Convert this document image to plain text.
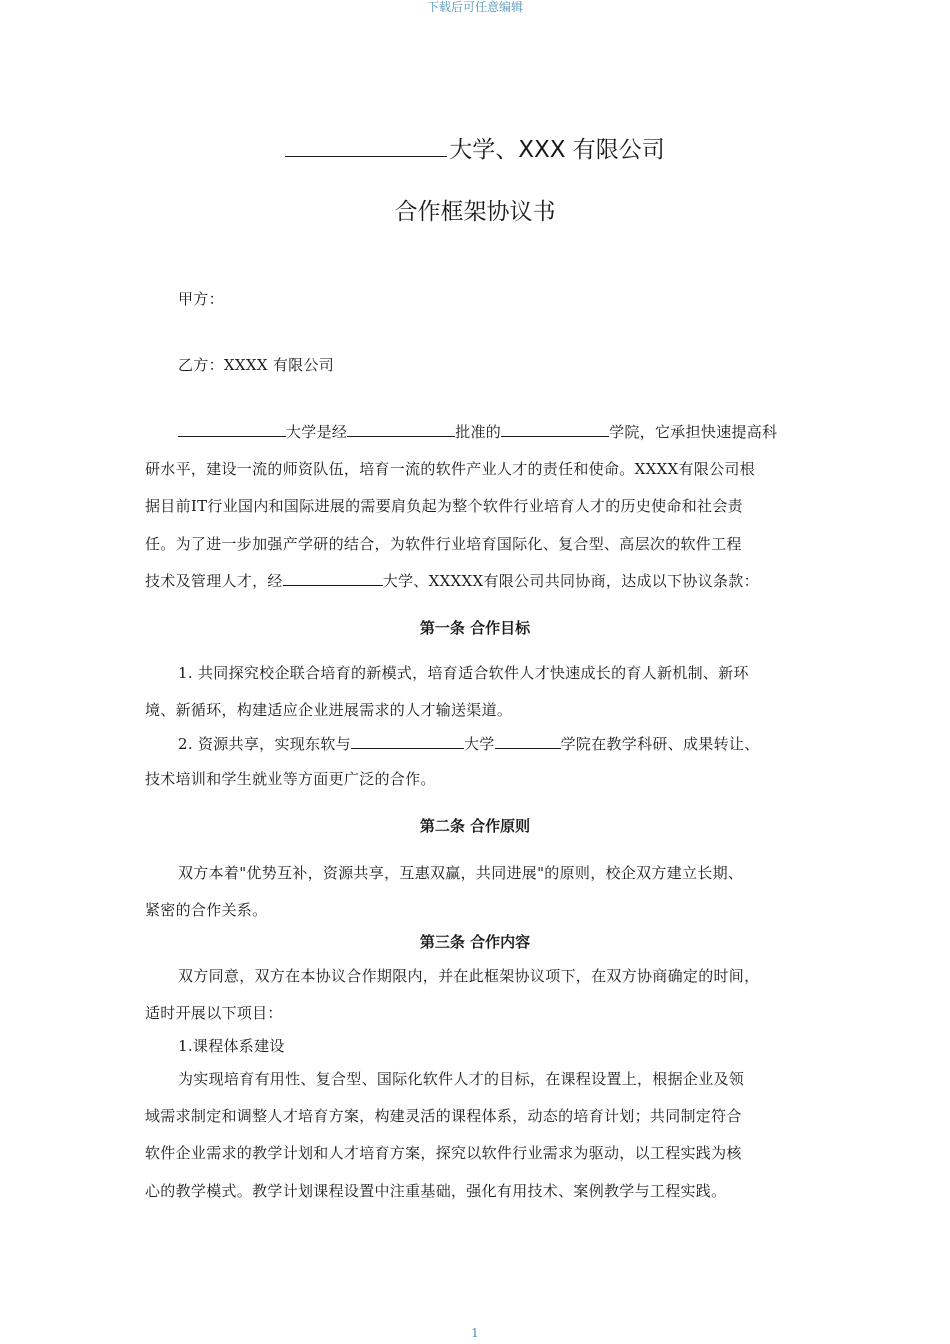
下载后可任意编辑
大学、XXX 有限公司
合作框架协议书
甲方：
乙方：XXXX 有限公司
大学是经	批准的	学院，它承担快速提高科
研水平，建设一流的师资队伍，培育一流的软件产业人才的责任和使命。XXXX有限公司根
据目前IT行业国内和国际进展的需要肩负起为整个软件行业培育人才的历史使命和社会责
任。为了进一步加强产学研的结合，为软件行业培育国际化、复合型、高层次的软件工程
技术及管理人才，经	大学、XXXXX有限公司共同协商，达成以下协议条款：
第一条 合作目标
1. 共同探究校企联合培育的新模式，培育适合软件人才快速成长的育人新机制、新环
境、新循环，构建适应企业进展需求的人才输送渠道。
2. 资源共享，实现东软与	大学	学院在教学科研、成果转让、
技术培训和学生就业等方面更广泛的合作。
第二条 合作原则
双方本着"优势互补，资源共享，互惠双赢，共同进展"的原则，校企双方建立长期、
紧密的合作关系。
第三条 合作内容
双方同意，双方在本协议合作期限内，并在此框架协议项下，在双方协商确定的时间，
适时开展以下项目：
1.课程体系建设
为实现培育有用性、复合型、国际化软件人才的目标，在课程设置上，根据企业及领
域需求制定和调整人才培育方案，构建灵活的课程体系，动态的培育计划；共同制定符合
软件企业需求的教学计划和人才培育方案，探究以软件行业需求为驱动，以工程实践为核
心的教学模式。教学计划课程设置中注重基础，强化有用技术、案例教学与工程实践。
1
